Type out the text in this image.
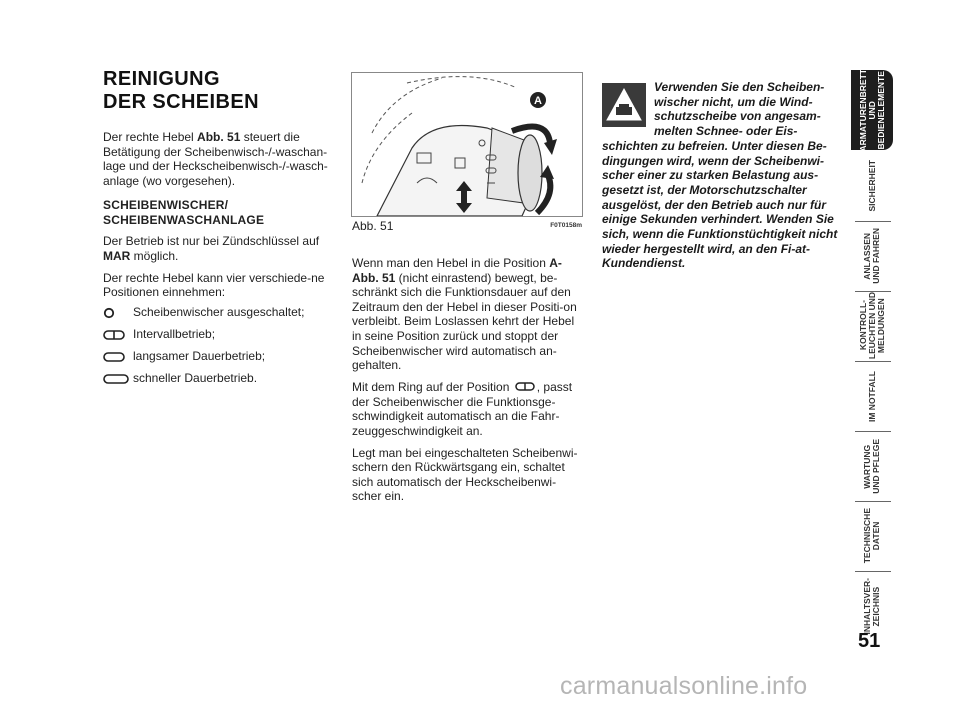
REINIGUNG
DER SCHEIBEN

Der rechte Hebel Abb. 51 steuert die Betätigung der Scheibenwisch-/-waschan-lage und der Heckscheibenwisch-/-wasch-anlage (wo vorgesehen).

SCHEIBENWISCHER/
SCHEIBENWASCHANLAGE

Der Betrieb ist nur bei Zündschlüssel auf MAR möglich.

Der rechte Hebel kann vier verschiede-ne Positionen einnehmen:

Scheibenwischer ausgeschaltet;
Intervallbetrieb;
langsamer Dauerbetrieb;
schneller Dauerbetrieb.
A
Abb. 51	F0T0158m

Wenn man den Hebel in die Position A-Abb. 51 (nicht einrastend) bewegt, be-schränkt sich die Funktionsdauer auf den Zeitraum den der Hebel in dieser Positi-on verbleibt. Beim Loslassen kehrt der Hebel in seine Position zurück und stoppt der Scheibenwischer wird automatisch an-gehalten.

Mit dem Ring auf der Position , passt der Scheibenwischer die Funktionsge-schwindigkeit automatisch an die Fahr-zeuggeschwindigkeit an.

Legt man bei eingeschalteten Scheibenwi-schern den Rückwärtsgang ein, schaltet sich automatisch der Heckscheibenwi-scher ein.

Verwenden Sie den Scheiben-wischer nicht, um die Wind-schutzscheibe von angesam-melten Schnee- oder Eis-schichten zu befreien. Unter diesen Be-dingungen wird, wenn der Scheibenwi-scher einer zu starken Belastung aus-gesetzt ist, der Motorschutzschalter ausgelöst, der den Betrieb auch nur für einige Sekunden verhindert. Wenden Sie sich, wenn die Funktionstüchtigkeit nicht wieder hergestellt wird, an den Fi-at-Kundendienst.
ARMATURENBRETT
UND
BEDIENELEMENTE
SICHERHEIT
ANLASSEN
UND FAHREN
KONTROLL-
LEUCHTEN UND
MELDUNGEN
IM NOTFALL
WARTUNG
UND PFLEGE
TECHNISCHE
DATEN
INHALTSVER-
ZEICHNIS
51
carmanualsonline.info
